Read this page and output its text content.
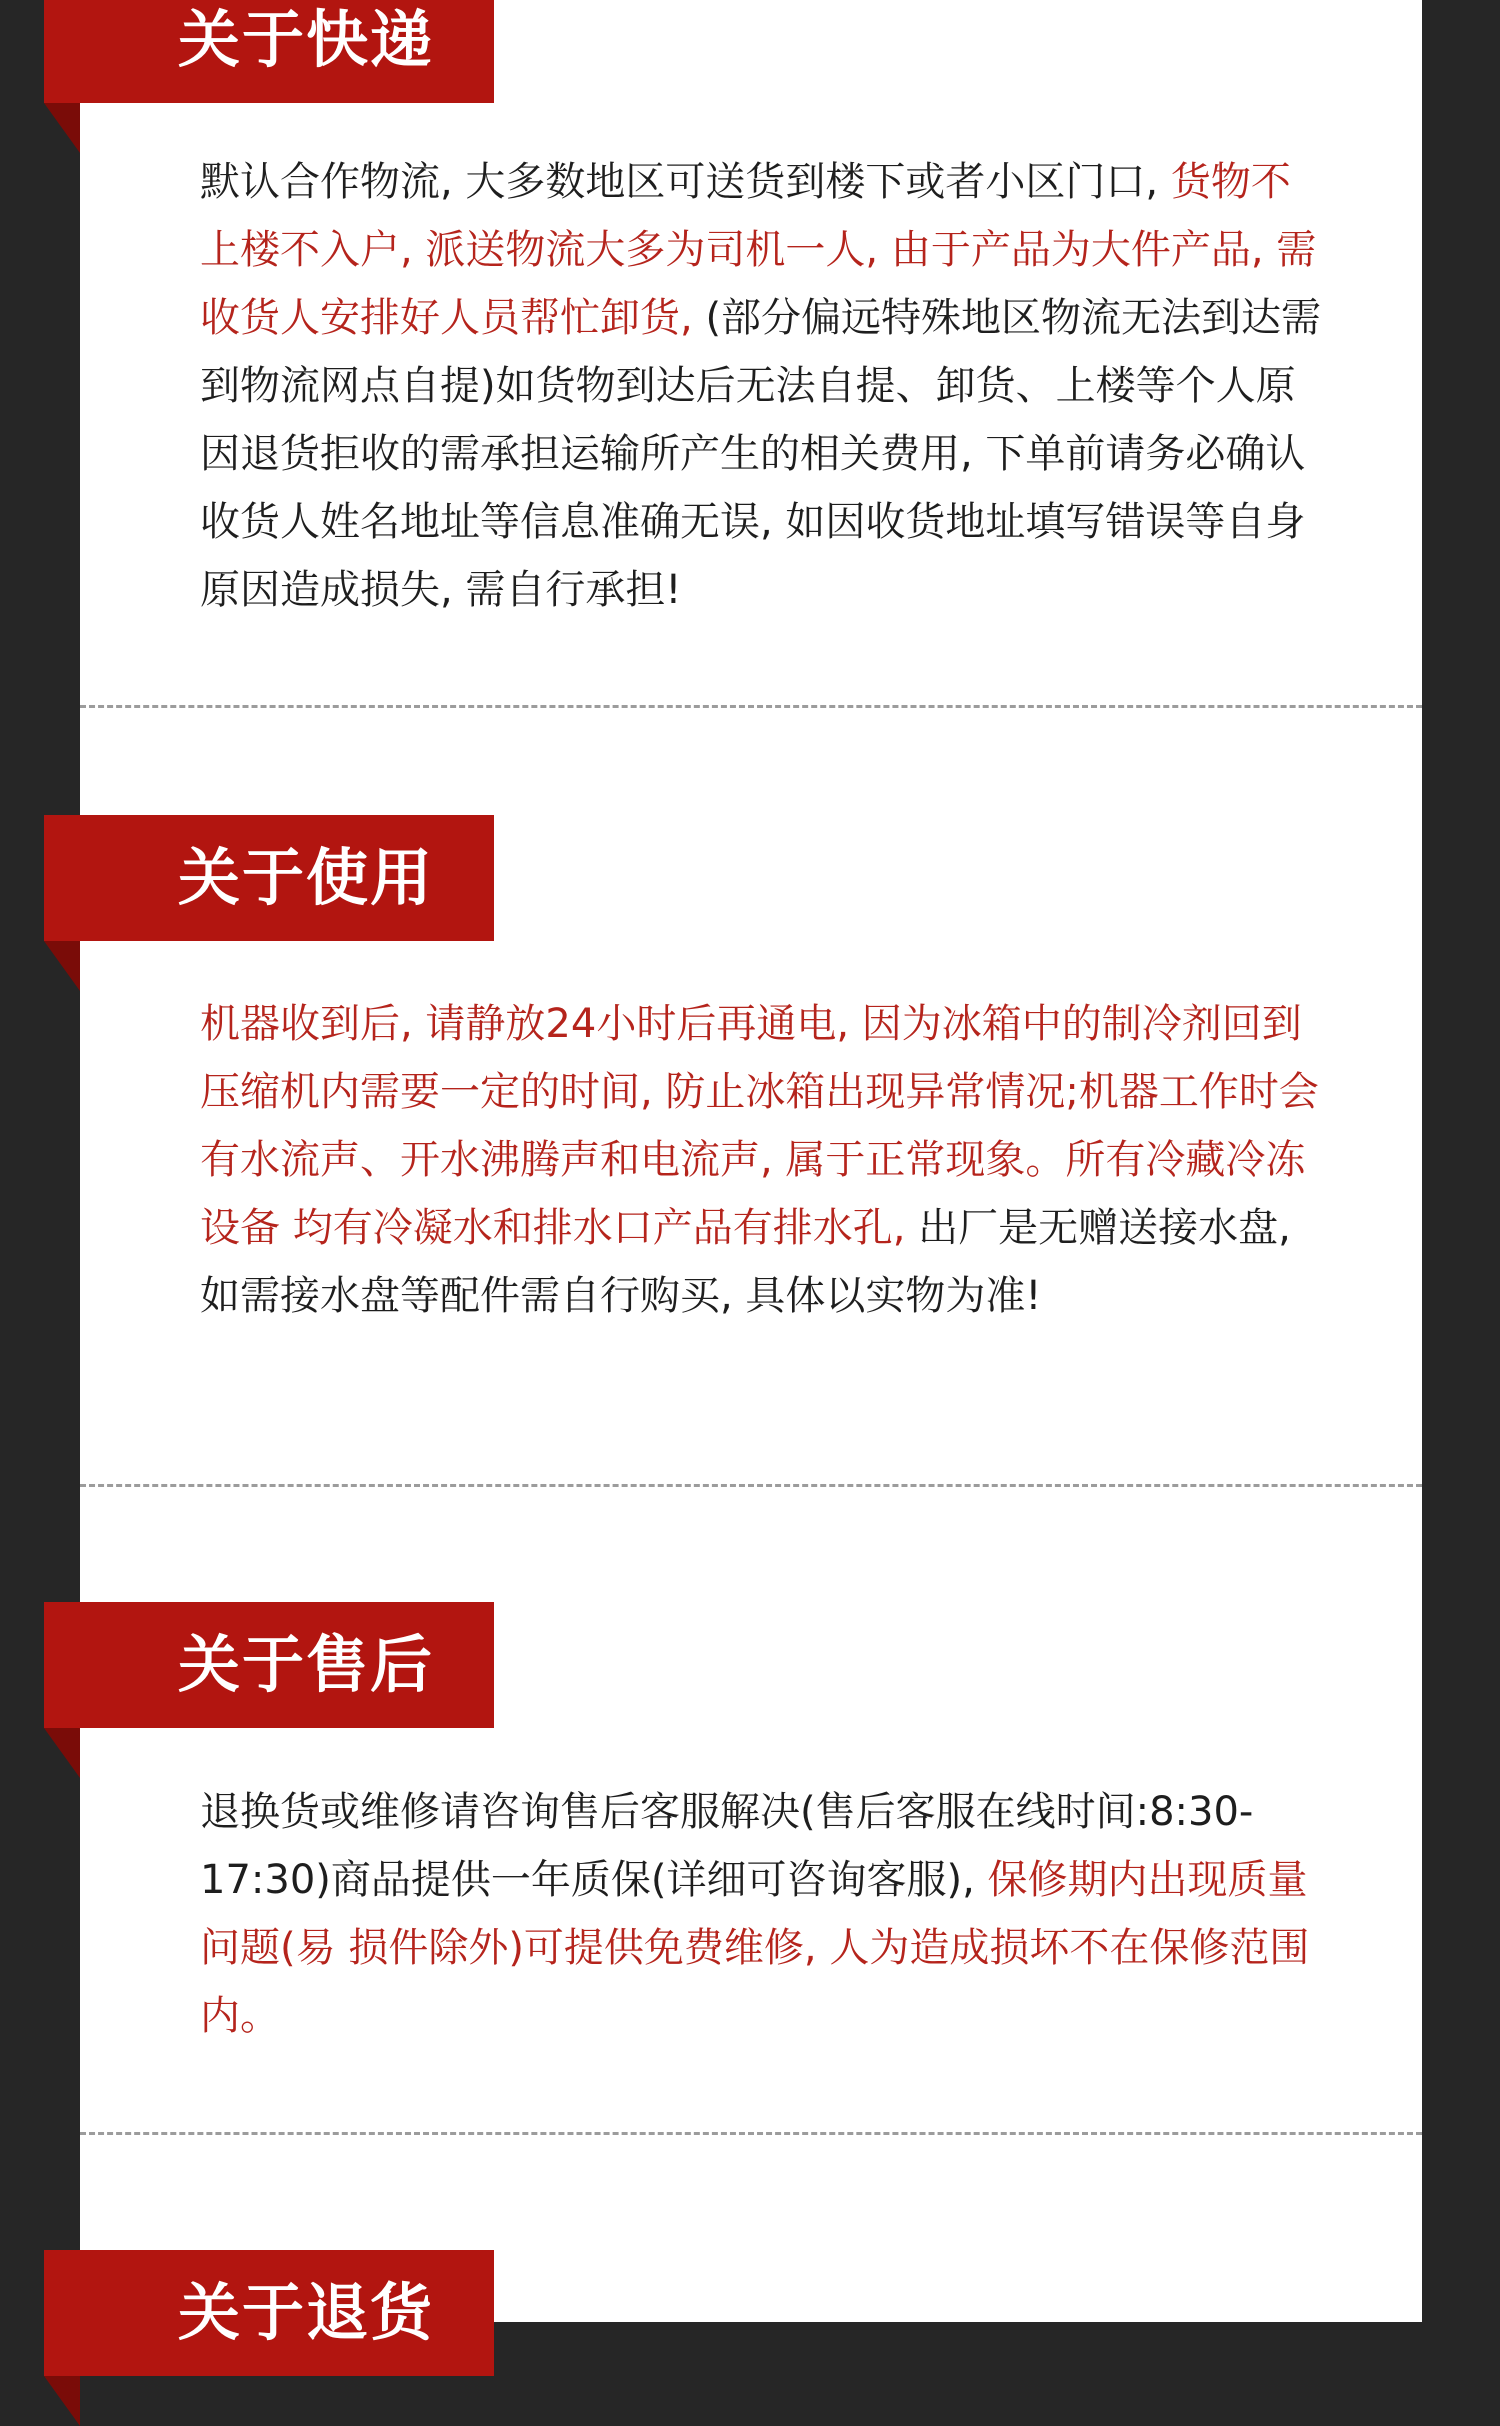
关于快递

默认合作物流, 大多数地区可送货到楼下或者小区门口, 货物不上楼不入户, 派送物流大多为司机一人, 由于产品为大件产品, 需收货人安排好人员帮忙卸货, (部分偏远特殊地区物流无法到达需到物流网点自提)如货物到达后无法自提、卸货、上楼等个人原因退货拒收的需承担运输所产生的相关费用, 下单前请务必确认收货人姓名地址等信息准确无误, 如因收货地址填写错误等自身原因造成损失, 需自行承担!

关于使用

机器收到后, 请静放24小时后再通电, 因为冰箱中的制冷剂回到压缩机内需要一定的时间, 防止冰箱出现异常情况;机器工作时会有水流声、开水沸腾声和电流声, 属于正常现象。所有冷藏冷冻设备 均有冷凝水和排水口产品有排水孔, 出厂是无赠送接水盘, 如需接水盘等配件需自行购买, 具体以实物为准!

关于售后

退换货或维修请咨询售后客服解决(售后客服在线时间:8:30-17:30)商品提供一年质保(详细可咨询客服), 保修期内出现质量问题(易 损件除外)可提供免费维修, 人为造成损坏不在保修范围内。

关于退货
